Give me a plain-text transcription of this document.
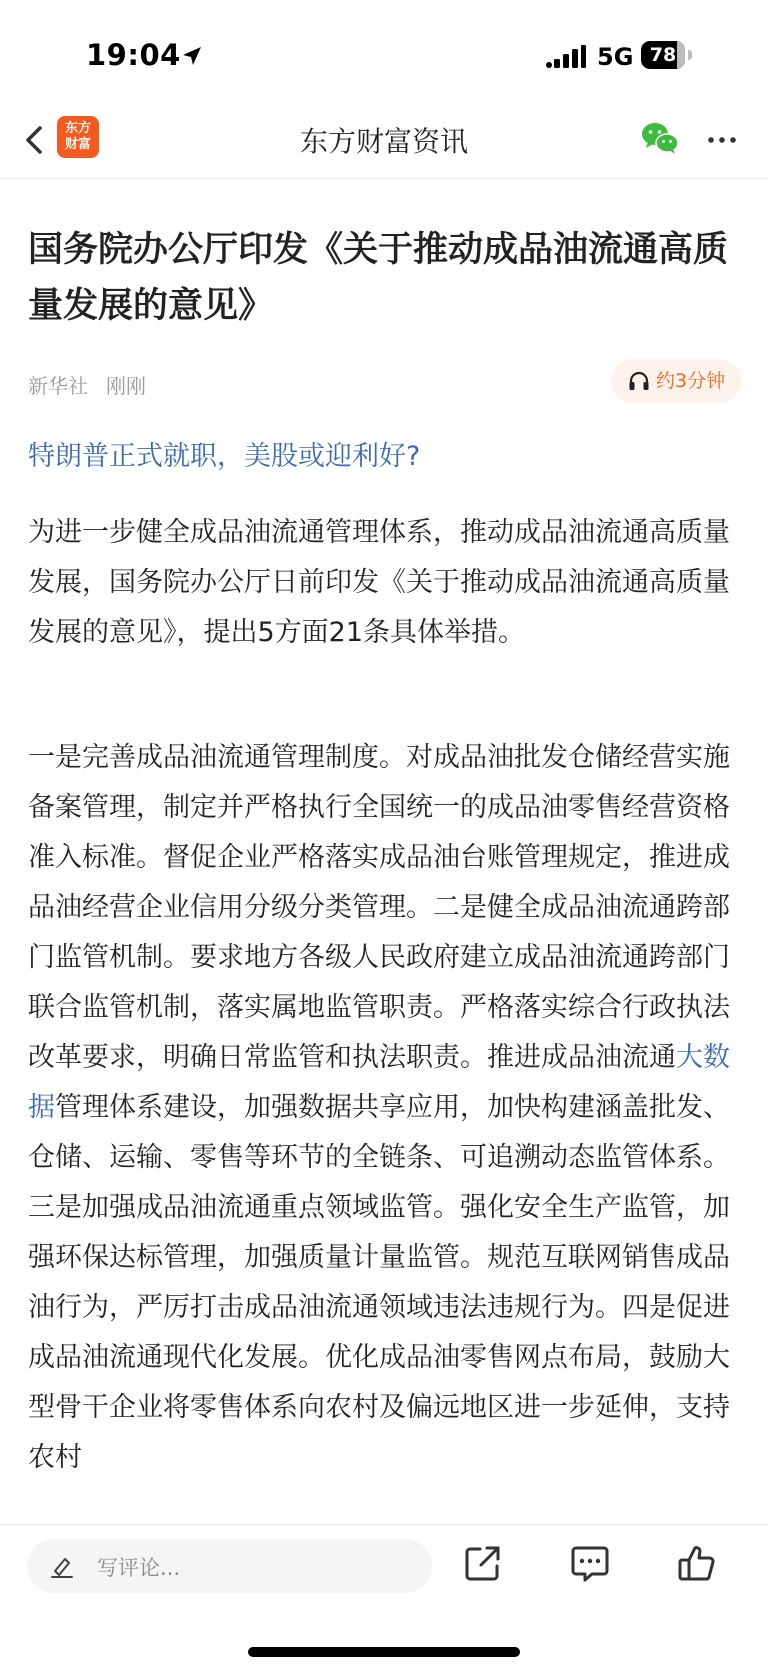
19:04	5G 78
东方
财富	东方财富资讯
国务院办公厅印发《关于推动成品油流通高质量发展的意见》
新华社 刚刚	约3分钟
特朗普正式就职，美股或迎利好?

为进一步健全成品油流通管理体系，推动成品油流通高质量发展，国务院办公厅日前印发《关于推动成品油流通高质量发展的意见》，提出5方面21条具体举措。

一是完善成品油流通管理制度。对成品油批发仓储经营实施备案管理，制定并严格执行全国统一的成品油零售经营资格准入标准。督促企业严格落实成品油台账管理规定，推进成品油经营企业信用分级分类管理。二是健全成品油流通跨部门监管机制。要求地方各级人民政府建立成品油流通跨部门联合监管机制，落实属地监管职责。严格落实综合行政执法改革要求，明确日常监管和执法职责。推进成品油流通大数据管理体系建设，加强数据共享应用，加快构建涵盖批发、仓储、运输、零售等环节的全链条、可追溯动态监管体系。三是加强成品油流通重点领域监管。强化安全生产监管，加强环保达标管理，加强质量计量监管。规范互联网销售成品油行为，严厉打击成品油流通领域违法违规行为。四是促进成品油流通现代化发展。优化成品油零售网点布局，鼓励大型骨干企业将零售体系向农村及偏远地区进一步延伸，支持农村

写评论...
